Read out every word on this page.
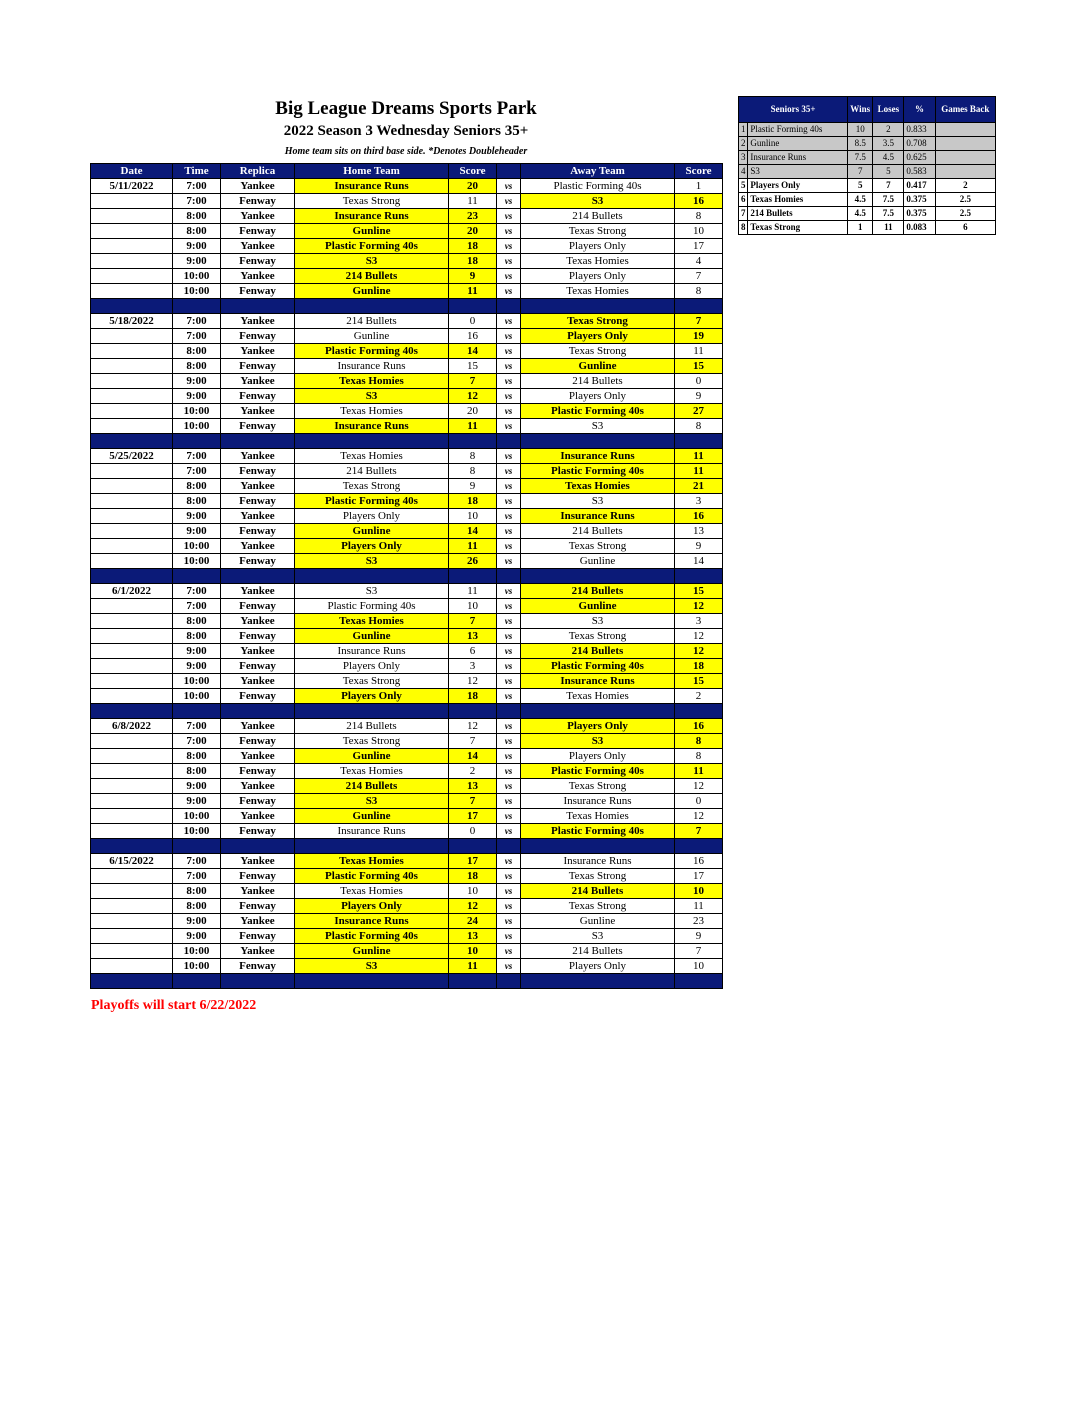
Big League Dreams Sports Park
2022 Season 3 Wednesday Seniors 35+
Home team sits on third base side. *Denotes Doubleheader
Date	Time	Replica	Home Team	Score		Away Team	Score
5/11/2022	7:00	Yankee	Insurance Runs	20	vs	Plastic Forming 40s	1
	7:00	Fenway	Texas Strong	11	vs	S3	16
	8:00	Yankee	Insurance Runs	23	vs	214 Bullets	8
	8:00	Fenway	Gunline	20	vs	Texas Strong	10
	9:00	Yankee	Plastic Forming 40s	18	vs	Players Only	17
	9:00	Fenway	S3	18	vs	Texas Homies	4
	10:00	Yankee	214 Bullets	9	vs	Players Only	7
	10:00	Fenway	Gunline	11	vs	Texas Homies	8

5/18/2022	7:00	Yankee	214 Bullets	0	vs	Texas Strong	7
	7:00	Fenway	Gunline	16	vs	Players Only	19
	8:00	Yankee	Plastic Forming 40s	14	vs	Texas Strong	11
	8:00	Fenway	Insurance Runs	15	vs	Gunline	15
	9:00	Yankee	Texas Homies	7	vs	214 Bullets	0
	9:00	Fenway	S3	12	vs	Players Only	9
	10:00	Yankee	Texas Homies	20	vs	Plastic Forming 40s	27
	10:00	Fenway	Insurance Runs	11	vs	S3	8

5/25/2022	7:00	Yankee	Texas Homies	8	vs	Insurance Runs	11
	7:00	Fenway	214 Bullets	8	vs	Plastic Forming 40s	11
	8:00	Yankee	Texas Strong	9	vs	Texas Homies	21
	8:00	Fenway	Plastic Forming 40s	18	vs	S3	3
	9:00	Yankee	Players Only	10	vs	Insurance Runs	16
	9:00	Fenway	Gunline	14	vs	214 Bullets	13
	10:00	Yankee	Players Only	11	vs	Texas Strong	9
	10:00	Fenway	S3	26	vs	Gunline	14

6/1/2022	7:00	Yankee	S3	11	vs	214 Bullets	15
	7:00	Fenway	Plastic Forming 40s	10	vs	Gunline	12
	8:00	Yankee	Texas Homies	7	vs	S3	3
	8:00	Fenway	Gunline	13	vs	Texas Strong	12
	9:00	Yankee	Insurance Runs	6	vs	214 Bullets	12
	9:00	Fenway	Players Only	3	vs	Plastic Forming 40s	18
	10:00	Yankee	Texas Strong	12	vs	Insurance Runs	15
	10:00	Fenway	Players Only	18	vs	Texas Homies	2

6/8/2022	7:00	Yankee	214 Bullets	12	vs	Players Only	16
	7:00	Fenway	Texas Strong	7	vs	S3	8
	8:00	Yankee	Gunline	14	vs	Players Only	8
	8:00	Fenway	Texas Homies	2	vs	Plastic Forming 40s	11
	9:00	Yankee	214 Bullets	13	vs	Texas Strong	12
	9:00	Fenway	S3	7	vs	Insurance Runs	0
	10:00	Yankee	Gunline	17	vs	Texas Homies	12
	10:00	Fenway	Insurance Runs	0	vs	Plastic Forming 40s	7

6/15/2022	7:00	Yankee	Texas Homies	17	vs	Insurance Runs	16
	7:00	Fenway	Plastic Forming 40s	18	vs	Texas Strong	17
	8:00	Yankee	Texas Homies	10	vs	214 Bullets	10
	8:00	Fenway	Players Only	12	vs	Texas Strong	11
	9:00	Yankee	Insurance Runs	24	vs	Gunline	23
	9:00	Fenway	Plastic Forming 40s	13	vs	S3	9
	10:00	Yankee	Gunline	10	vs	214 Bullets	7
	10:00	Fenway	S3	11	vs	Players Only	10

Seniors 35+		Wins	Loses	%	Games Back
1	Plastic Forming 40s	10	2	0.833	
2	Gunline	8.5	3.5	0.708	
3	Insurance Runs	7.5	4.5	0.625	
4	S3	7	5	0.583	
5	Players Only	5	7	0.417	2
6	Texas Homies	4.5	7.5	0.375	2.5
7	214 Bullets	4.5	7.5	0.375	2.5
8	Texas Strong	1	11	0.083	6
Playoffs will start 6/22/2022
